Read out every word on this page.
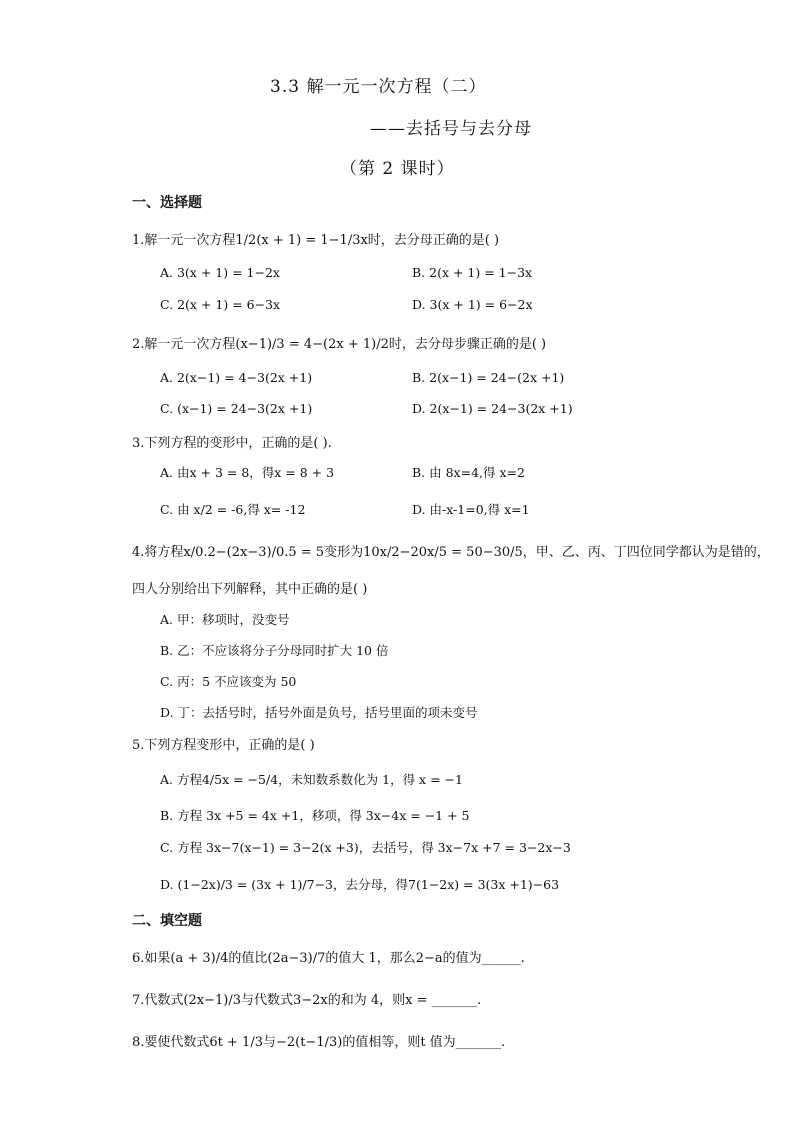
3.3 解一元一次方程（二）
——去括号与去分母
（第 2 课时）
一、选择题
1.解一元一次方程1/2(x + 1) = 1−1/3x时，去分母正确的是( )
A. 3(x + 1) = 1−2x	B. 2(x + 1) = 1−3x
C. 2(x + 1) = 6−3x	D. 3(x + 1) = 6−2x
2.解一元一次方程(x−1)/3 = 4−(2x + 1)/2时，去分母步骤正确的是( )
A. 2(x−1) = 4−3(2x +1)	B. 2(x−1) = 24−(2x +1)
C. (x−1) = 24−3(2x +1)	D. 2(x−1) = 24−3(2x +1)
3.下列方程的变形中，正确的是( ).
A. 由x + 3 = 8，得x = 8 + 3	B. 由 8x=4,得 x=2
C. 由 x/2 = -6,得 x= -12	D. 由-x-1=0,得 x=1
4.将方程x/0.2−(2x−3)/0.5 = 5变形为10x/2−20x/5 = 50−30/5，甲、乙、丙、丁四位同学都认为是错的，
四人分别给出下列解释，其中正确的是( )
A. 甲：移项时，没变号
B. 乙：不应该将分子分母同时扩大 10 倍
C. 丙：5 不应该变为 50
D. 丁：去括号时，括号外面是负号，括号里面的项未变号
5.下列方程变形中，正确的是( )
A. 方程4/5x = −5/4，未知数系数化为 1，得 x = −1
B. 方程 3x +5 = 4x +1，移项，得 3x−4x = −1 + 5
C. 方程 3x−7(x−1) = 3−2(x +3)，去括号，得 3x−7x +7 = 3−2x−3
D. (1−2x)/3 = (3x + 1)/7−3，去分母，得7(1−2x) = 3(3x +1)−63
二、填空题
6.如果(a + 3)/4的值比(2a−3)/7的值大 1，那么2−a的值为______.
7.代数式(2x−1)/3与代数式3−2x的和为 4，则x = _______.
8.要使代数式6t + 1/3与−2(t−1/3)的值相等，则t 值为_______.
